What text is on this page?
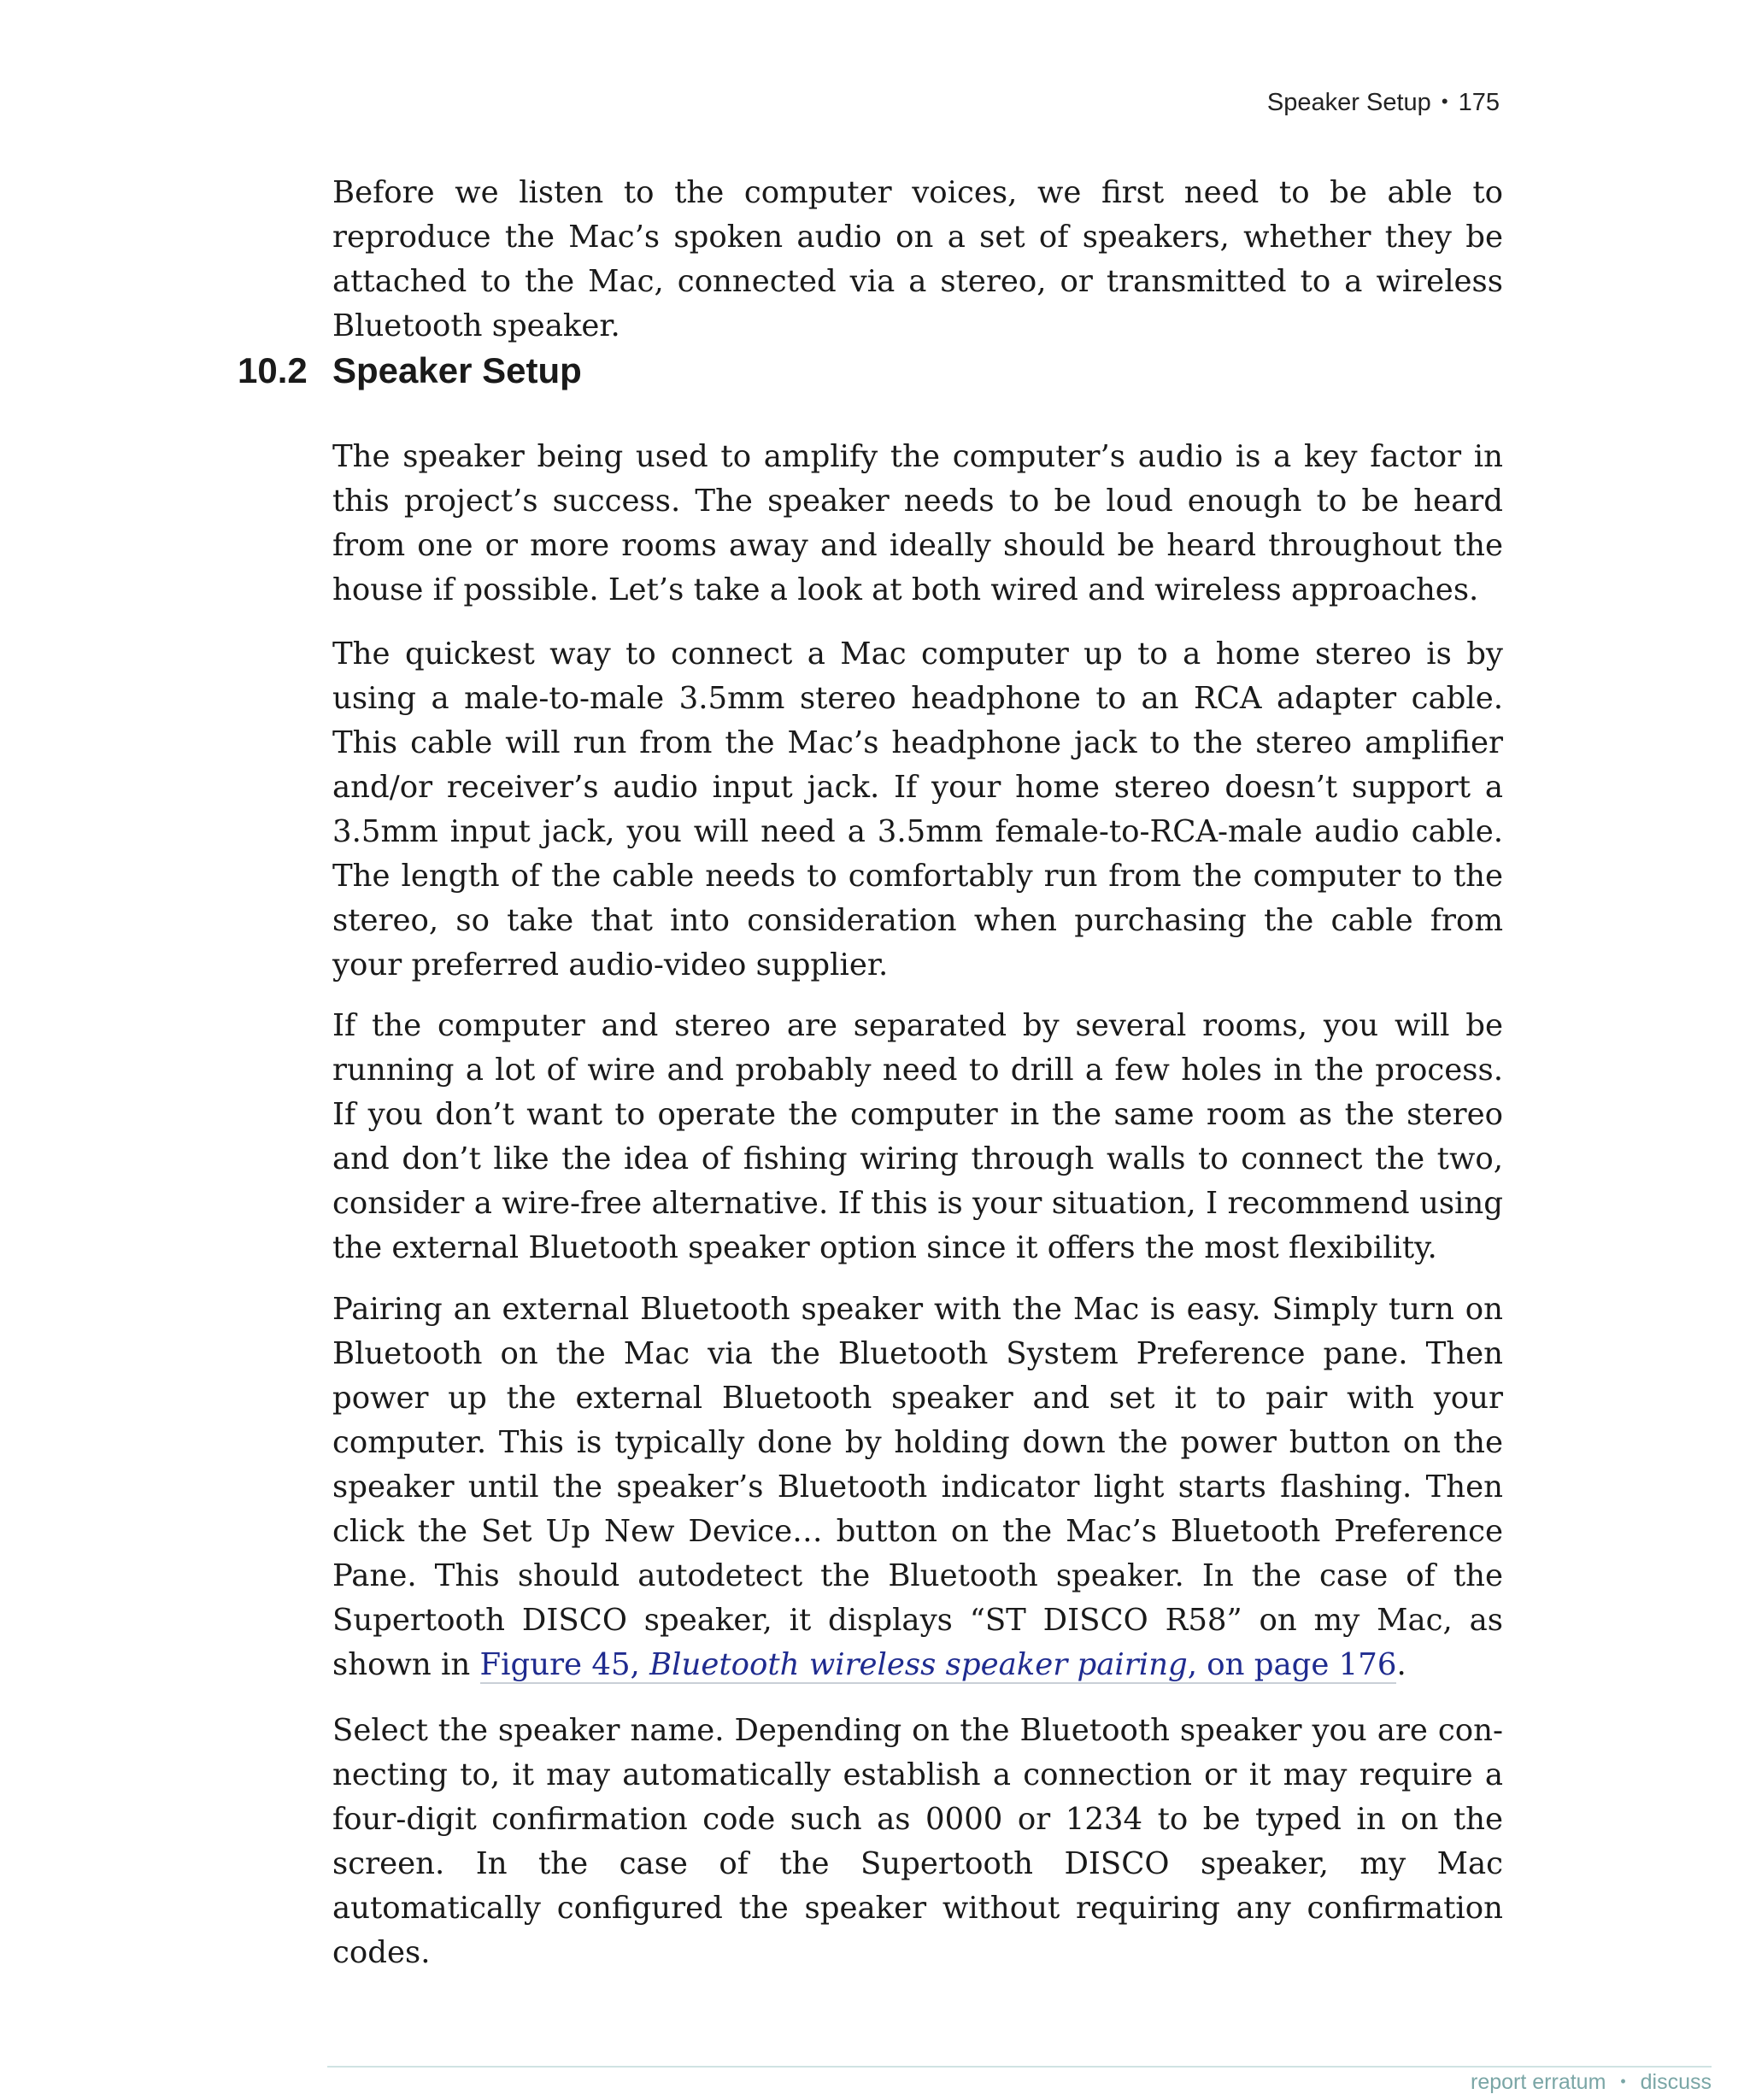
Speaker Setup • 175

Before we listen to the computer voices, we first need to be able to reproduce the Mac’s spoken audio on a set of speakers, whether they be attached to the Mac, connected via a stereo, or transmitted to a wireless Bluetooth speaker.

10.2 Speaker Setup

The speaker being used to amplify the computer’s audio is a key factor in this project’s success. The speaker needs to be loud enough to be heard from one or more rooms away and ideally should be heard throughout the house if possible. Let’s take a look at both wired and wireless approaches.

The quickest way to connect a Mac computer up to a home stereo is by using a male-to-male 3.5mm stereo headphone to an RCA adapter cable. This cable will run from the Mac’s headphone jack to the stereo amplifier and/or receiver’s audio input jack. If your home stereo doesn’t support a 3.5mm input jack, you will need a 3.5mm female-to-RCA-male audio cable. The length of the cable needs to comfortably run from the computer to the stereo, so take that into consideration when purchasing the cable from your preferred audio-video supplier.

If the computer and stereo are separated by several rooms, you will be running a lot of wire and probably need to drill a few holes in the process. If you don’t want to operate the computer in the same room as the stereo and don’t like the idea of fishing wiring through walls to connect the two, consider a wire-free alternative. If this is your situation, I recommend using the external Bluetooth speaker option since it offers the most flexibility.

Pairing an external Bluetooth speaker with the Mac is easy. Simply turn on Bluetooth on the Mac via the Bluetooth System Preference pane. Then power up the external Bluetooth speaker and set it to pair with your computer. This is typically done by holding down the power button on the speaker until the speaker’s Bluetooth indicator light starts flashing. Then click the Set Up New Device… button on the Mac’s Bluetooth Preference Pane. This should autodetect the Bluetooth speaker. In the case of the Supertooth DISCO speaker, it displays “ST DISCO R58” on my Mac, as shown in Figure 45, Bluetooth wireless speaker pairing, on page 176.

Select the speaker name. Depending on the Bluetooth speaker you are connecting to, it may automatically establish a connection or it may require a four-digit confirmation code such as 0000 or 1234 to be typed in on the screen. In the case of the Supertooth DISCO speaker, my Mac automatically configured the speaker without requiring any confirmation codes.

report erratum • discuss
